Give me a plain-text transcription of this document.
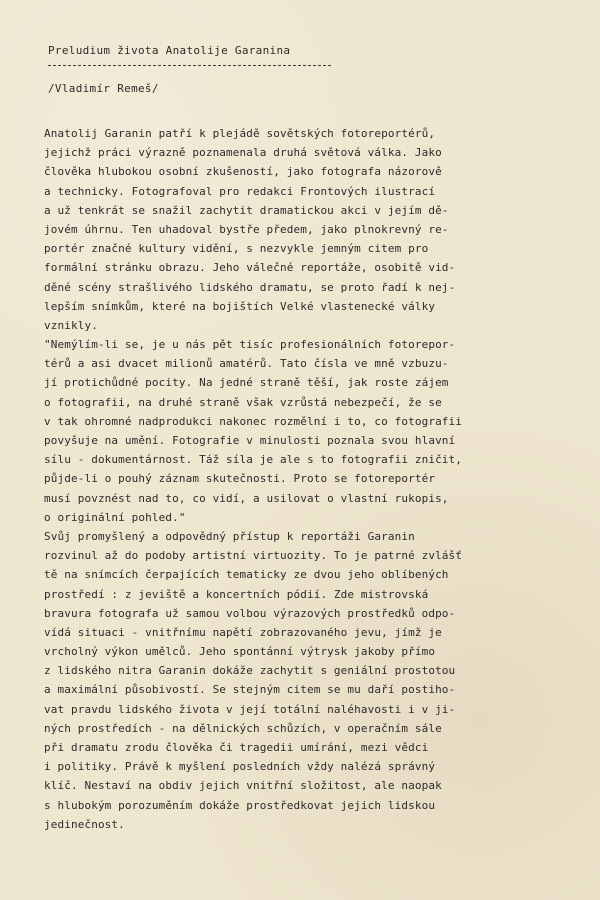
Preludium života Anatolije Garanina
/Vladimír Remeš/
Anatolij Garanin patří k plejádě sovětských fotoreportérů,
jejichž práci výrazně poznamenala druhá světová válka. Jako
člověka hlubokou osobní zkušeností, jako fotografa názorově
a technicky. Fotografoval pro redakci Frontových ilustrací
a už tenkrát se snažil zachytit dramatickou akci v jejím dě-
jovém úhrnu. Ten uhadoval bystře předem, jako plnokrevný re-
portér značné kultury vidění, s nezvykle jemným citem pro
formální stránku obrazu. Jeho válečné reportáže, osobitě vid-
děné scény strašlivého lidského dramatu, se proto řadí k nej-
lepším snímkům, které na bojištích Velké vlastenecké války
vznikly.
"Nemýlím-li se, je u nás pět tisíc profesionálních fotorepor-
térů a asi dvacet milionů amatérů. Tato čísla ve mně vzbuzu-
jí protichůdné pocity. Na jedné straně těší, jak roste zájem
o fotografii, na druhé straně však vzrůstá nebezpečí, že se
v tak ohromné nadprodukci nakonec rozmělní i to, co fotografii
povyšuje na umění. Fotografie v minulosti poznala svou hlavní
sílu - dokumentárnost. Táž síla je ale s to fotografii zničit,
půjde-li o pouhý záznam skutečnosti. Proto se fotoreportér
musí povznést nad to, co vidí, a usilovat o vlastní rukopis,
o originální pohled."
Svůj promyšlený a odpovědný přístup k reportáži Garanin
rozvinul až do podoby artistní virtuozity. To je patrné zvlášť
tě na snímcích čerpajících tematicky ze dvou jeho oblíbených
prostředí : z jeviště a koncertních pódií. Zde mistrovská
bravura fotografa už samou volbou výrazových prostředků odpo-
vídá situaci - vnitřnímu napětí zobrazovaného jevu, jímž je
vrcholný výkon umělců. Jeho spontánní výtrysk jakoby přímo
z lidského nitra Garanin dokáže zachytit s geniální prostotou
a maximální působivostí. Se stejným citem se mu daří postiho-
vat pravdu lidského života v její totální naléhavosti i v ji-
ných prostředích - na dělnických schůzích, v operačním sále
při dramatu zrodu člověka či tragedii umírání, mezi vědci
i politiky. Právě k myšlení posledních vždy nalézá správný
klíč. Nestaví na obdiv jejich vnitřní složitost, ale naopak
s hlubokým porozuměním dokáže prostředkovat jejich lidskou
jedinečnost.
